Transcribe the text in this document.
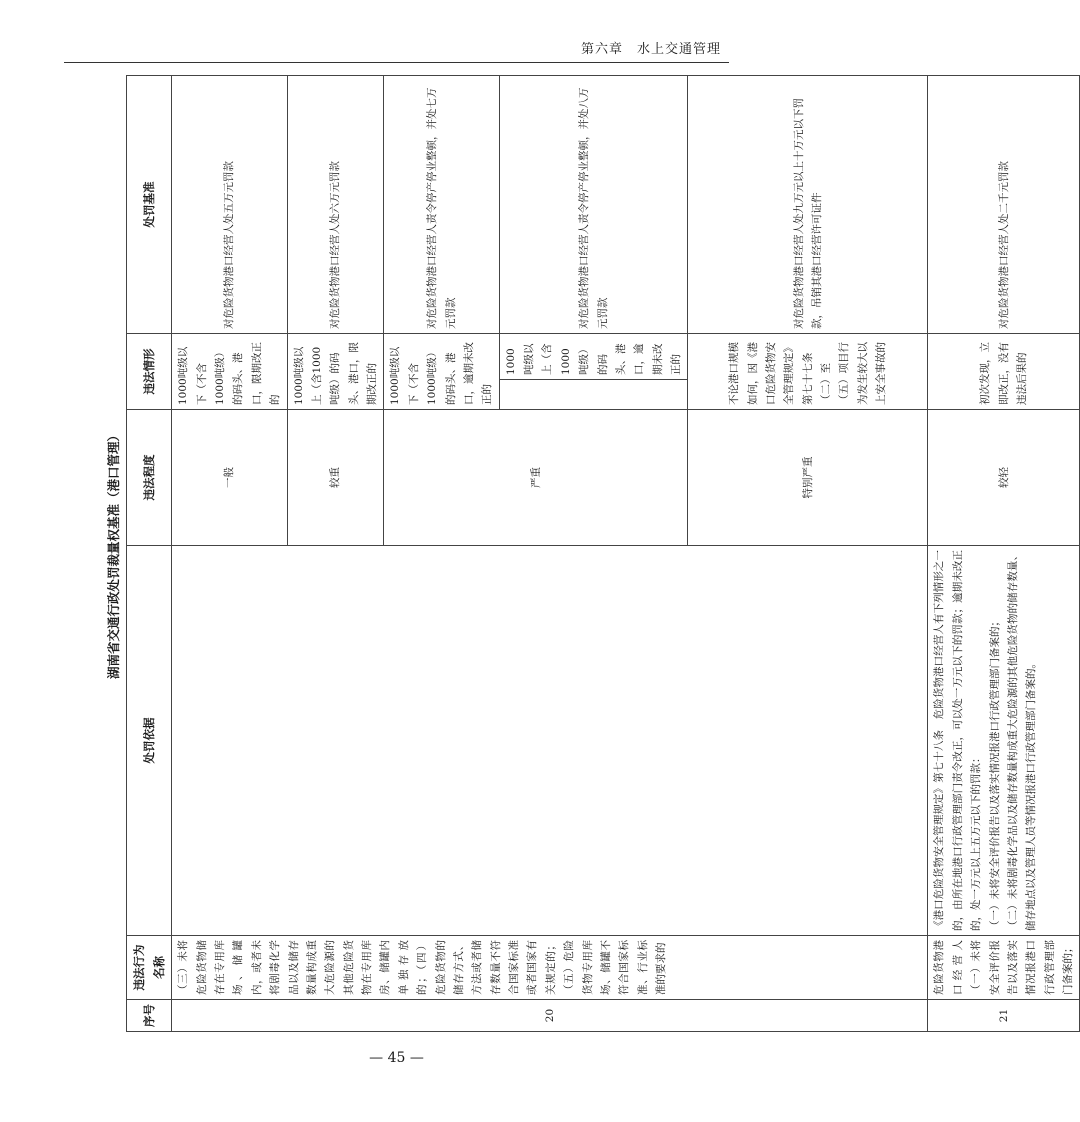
第六章　 水上交通管理
湖南省交通行政处罚裁量权基准（港口管理）
序号	违法行为名称	处罚依据	违法程度	违法情形		处罚基准
20	（三）未将危险货物储存在专用库场、储罐内，或者未将剧毒化学品以及储存数量构成重大危险源的其他危险货物在专用库房、储罐内单独存放的；（四）危险货物的储存方式、方法或者储存数量不符合国家标准或者国家有关规定的；（五）危险货物专用库场、储罐不符合国家标准、行业标准的要求的		一般	1000吨级以下（不含1000吨级）的码头、港口，限期改正的		对危险货物港口经营人处五万元罚款
			较重	1000吨级以上（含1000吨级）的码头、港口，限期改正的		对危险货物港口经营人处六万元罚款
			严重	1000吨级以下（不含1000吨级）的码头、港口，逾期未改正的		对危险货物港口经营人责令停产停业整顿，并处七万元罚款
					1000吨级以上（含1000吨级）的码头、港口，逾期未改正的	对危险货物港口经营人责令停产停业整顿，并处八万元罚款
			特别严重	不论港口规模如何，因《港口危险货物安全管理规定》第七十七条（二）至（五）项目行为发生较大以上安全事故的		对危险货物港口经营人处九万元以上十万元以下罚款，吊销其港口经营许可证件
21	危险货物港口经营人（一）未将安全评价报告以及落实情况报港口行政管理部门备案的；	《港口危险货物安全管理规定》第七十八条　危险货物港口经营人有下列情形之一的，由所在地港口行政管理部门责令改正，可以处一万元以下的罚款；逾期未改正的，处一万元以上五万元以下的罚款： （一）未将安全评价报告以及落实情况报港口行政管理部门备案的； （二）未将剧毒化学品以及储存数量构成重大危险源的其他危险货物的储存数量、储存地点以及管理人员等情况报港口行政管理部门备案的。	较轻	初次发现，立即改正，没有违法后果的		对危险货物港口经营人处二千元罚款
— 45 —
